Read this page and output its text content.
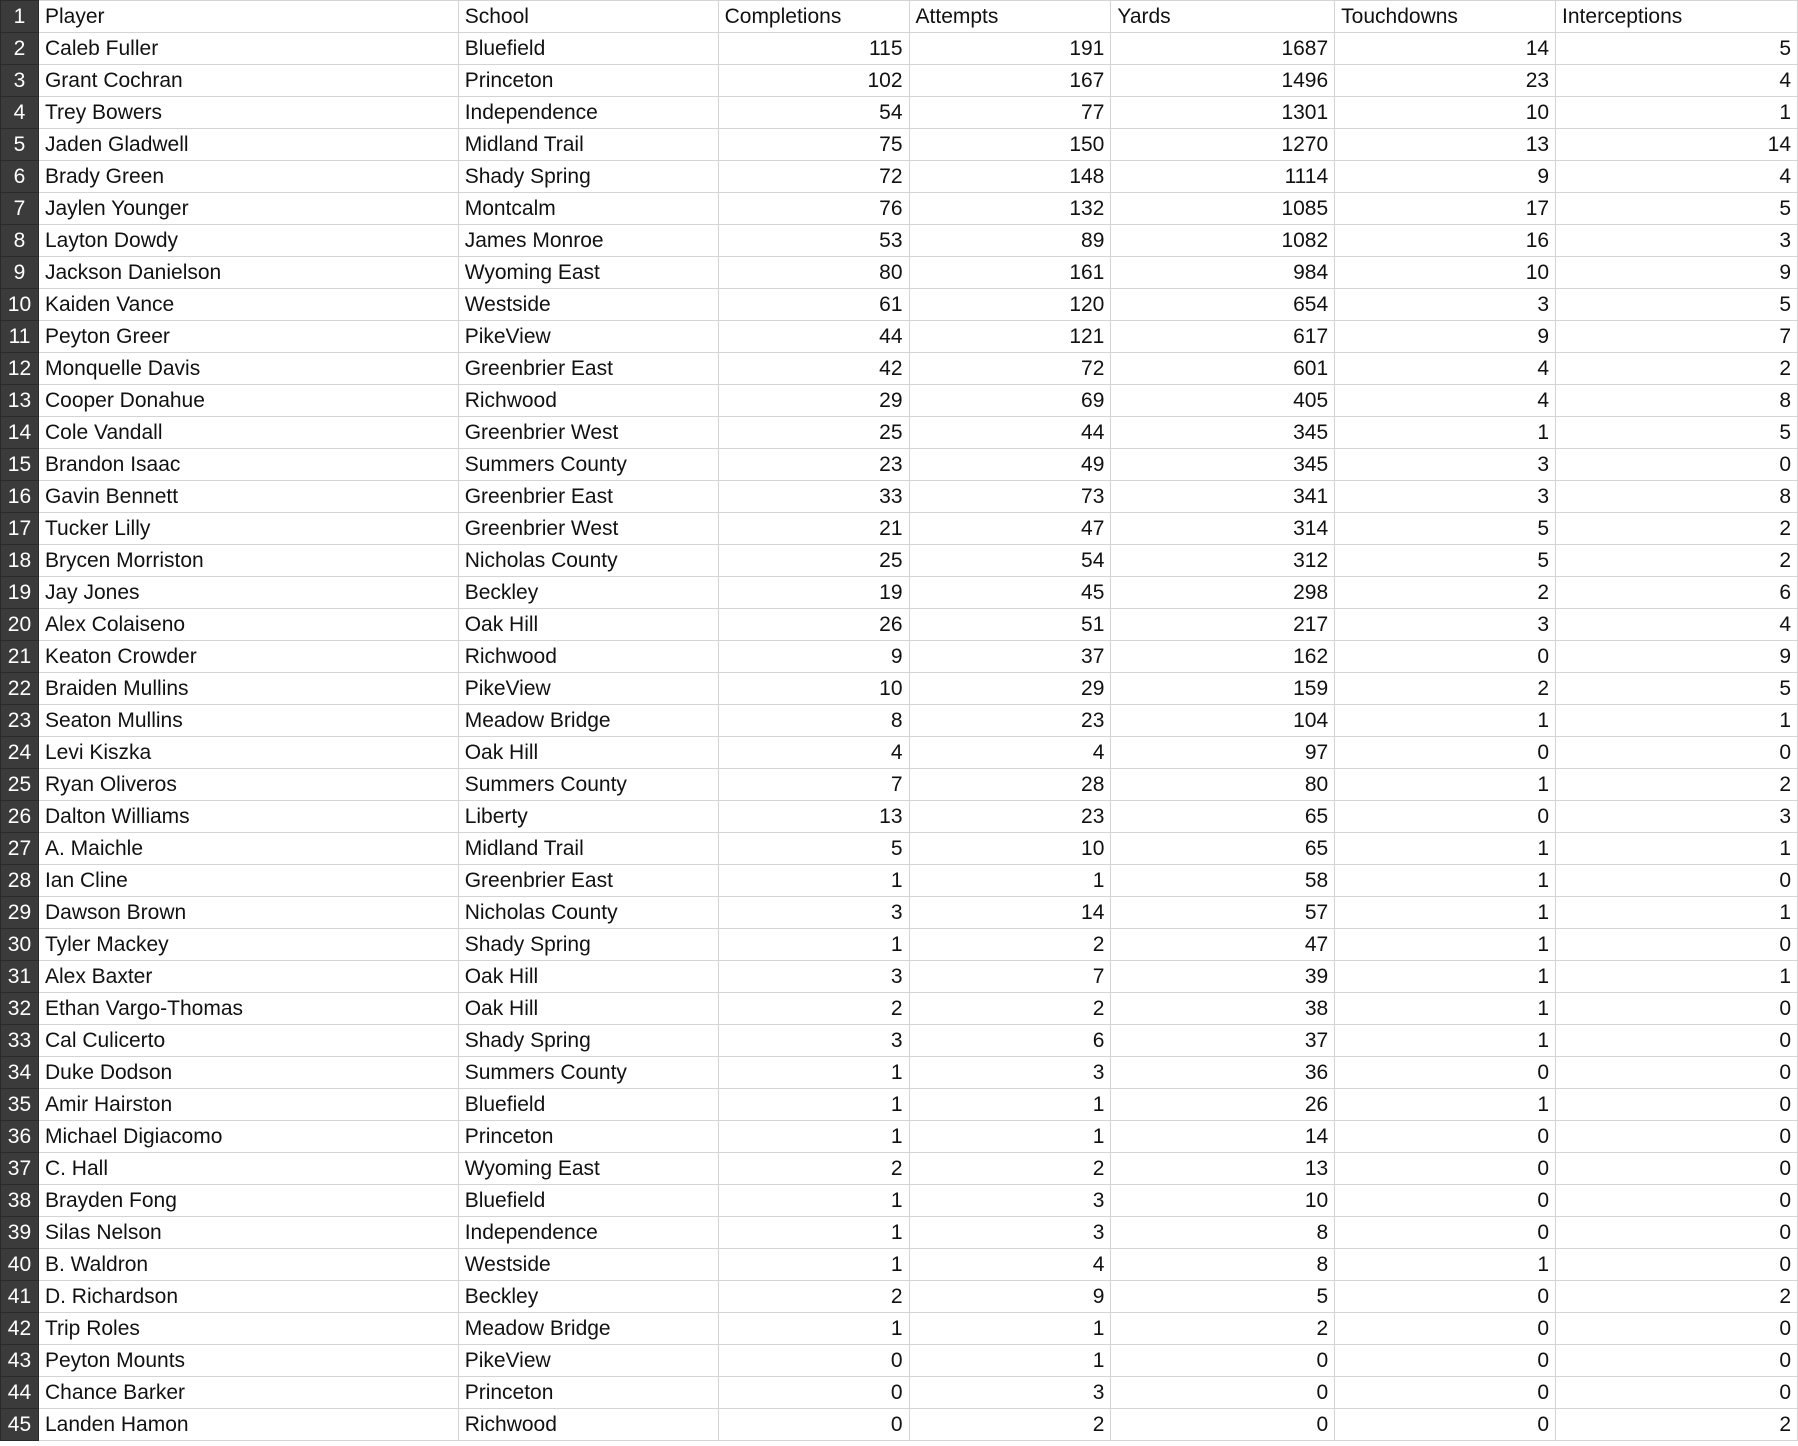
1	Player	School	Completions	Attempts	Yards	Touchdowns	Interceptions
2	Caleb Fuller	Bluefield	115	191	1687	14	5
3	Grant Cochran	Princeton	102	167	1496	23	4
4	Trey Bowers	Independence	54	77	1301	10	1
5	Jaden Gladwell	Midland Trail	75	150	1270	13	14
6	Brady Green	Shady Spring	72	148	1114	9	4
7	Jaylen Younger	Montcalm	76	132	1085	17	5
8	Layton Dowdy	James Monroe	53	89	1082	16	3
9	Jackson Danielson	Wyoming East	80	161	984	10	9
10	Kaiden Vance	Westside	61	120	654	3	5
11	Peyton Greer	PikeView	44	121	617	9	7
12	Monquelle Davis	Greenbrier East	42	72	601	4	2
13	Cooper Donahue	Richwood	29	69	405	4	8
14	Cole Vandall	Greenbrier West	25	44	345	1	5
15	Brandon Isaac	Summers County	23	49	345	3	0
16	Gavin Bennett	Greenbrier East	33	73	341	3	8
17	Tucker Lilly	Greenbrier West	21	47	314	5	2
18	Brycen Morriston	Nicholas County	25	54	312	5	2
19	Jay Jones	Beckley	19	45	298	2	6
20	Alex Colaiseno	Oak Hill	26	51	217	3	4
21	Keaton Crowder	Richwood	9	37	162	0	9
22	Braiden Mullins	PikeView	10	29	159	2	5
23	Seaton Mullins	Meadow Bridge	8	23	104	1	1
24	Levi Kiszka	Oak Hill	4	4	97	0	0
25	Ryan Oliveros	Summers County	7	28	80	1	2
26	Dalton Williams	Liberty	13	23	65	0	3
27	A. Maichle	Midland Trail	5	10	65	1	1
28	Ian Cline	Greenbrier East	1	1	58	1	0
29	Dawson Brown	Nicholas County	3	14	57	1	1
30	Tyler Mackey	Shady Spring	1	2	47	1	0
31	Alex Baxter	Oak Hill	3	7	39	1	1
32	Ethan Vargo-Thomas	Oak Hill	2	2	38	1	0
33	Cal Culicerto	Shady Spring	3	6	37	1	0
34	Duke Dodson	Summers County	1	3	36	0	0
35	Amir Hairston	Bluefield	1	1	26	1	0
36	Michael Digiacomo	Princeton	1	1	14	0	0
37	C. Hall	Wyoming East	2	2	13	0	0
38	Brayden Fong	Bluefield	1	3	10	0	0
39	Silas Nelson	Independence	1	3	8	0	0
40	B. Waldron	Westside	1	4	8	1	0
41	D. Richardson	Beckley	2	9	5	0	2
42	Trip Roles	Meadow Bridge	1	1	2	0	0
43	Peyton Mounts	PikeView	0	1	0	0	0
44	Chance Barker	Princeton	0	3	0	0	0
45	Landen Hamon	Richwood	0	2	0	0	2
